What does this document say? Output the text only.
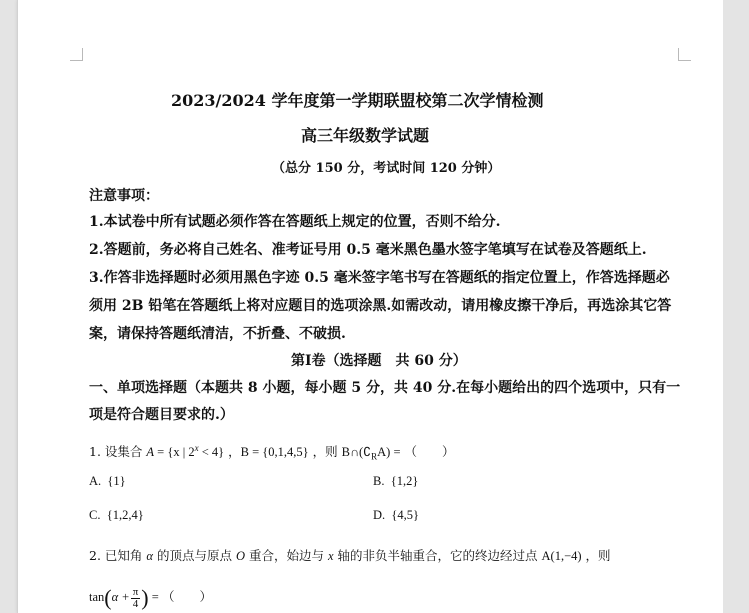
2023/2024 学年度第一学期联盟校第二次学情检测
高三年级数学试题
（总分 150 分，考试时间 120 分钟）
注意事项：
1.本试卷中所有试题必须作答在答题纸上规定的位置，否则不给分.
2.答题前，务必将自己姓名、准考证号用 0.5 毫米黑色墨水签字笔填写在试卷及答题纸上.
3.作答非选择题时必须用黑色字迹 0.5 毫米签字笔书写在答题纸的指定位置上，作答选择题必
须用 2B 铅笔在答题纸上将对应题目的选项涂黑.如需改动，请用橡皮擦干净后，再选涂其它答
案，请保持答题纸清洁，不折叠、不破损.
第Ⅰ卷（选择题　共 60 分）
一、单项选择题（本题共 8 小题，每小题 5 分，共 40 分.在每小题给出的四个选项中，只有一
项是符合题目要求的.）
1. 设集合 A = {x | $2^x < 4$} ，B = {0,1,4,5} ，则 $B\cap(∁_RA)$ = （　　）
A. {1}	B. {1,2}
C. {1,2,4}	D. {4,5}
2. 已知角 α 的顶点与原点 O 重合，始边与 x 轴的非负半轴重合，它的终边经过点 A(1,−4) ，则
$\tan(\alpha + \frac{\pi}{4}$ ) = （　　）
